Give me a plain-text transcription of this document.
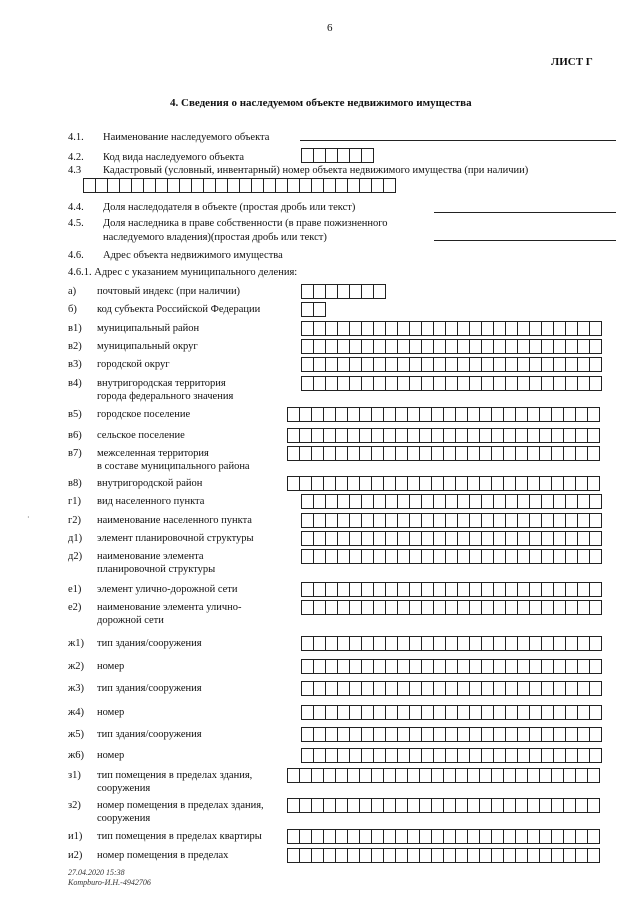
6
ЛИСТ Г
4. Сведения о наследуемом объекте недвижимого имущества
4.1. Наименование наследуемого объекта
4.2. Код вида наследуемого объекта
4.3 Кадастровый (условный, инвентарный) номер объекта недвижимого имущества (при наличии)
4.4. Доля наследодателя в объекте (простая дробь или текст)
4.5. Доля наследника в праве собственности (в праве пожизненного
наследуемого владения)(простая дробь или текст)
4.6. Адрес объекта недвижимого имущества
4.6.1. Адрес с указанием муниципального деления:
а) почтовый индекс (при наличии)
б) код субъекта Российской Федерации
в1) муниципальный район
в2) муниципальный округ
в3) городской округ
в4) внутригородская территория
города федерального значения
в5) городское поселение
в6) сельское поселение
в7) межселенная территория
в составе муниципального района
в8) внутригородской район
г1) вид населенного пункта
г2) наименование населенного пункта
д1) элемент планировочной структуры
д2) наименование элемента
планировочной структуры
е1) элемент улично-дорожной сети
е2) наименование элемента улично-
дорожной сети
ж1) тип здания/сооружения
ж2) номер
ж3) тип здания/сооружения
ж4) номер
ж5) тип здания/сооружения
ж6) номер
з1) тип помещения в пределах здания,
сооружения
з2) номер помещения в пределах здания,
сооружения
и1) тип помещения в пределах квартиры
и2) номер помещения в пределах
·
27.04.2020 15:38
Kompburo-И.Н.-4942706
